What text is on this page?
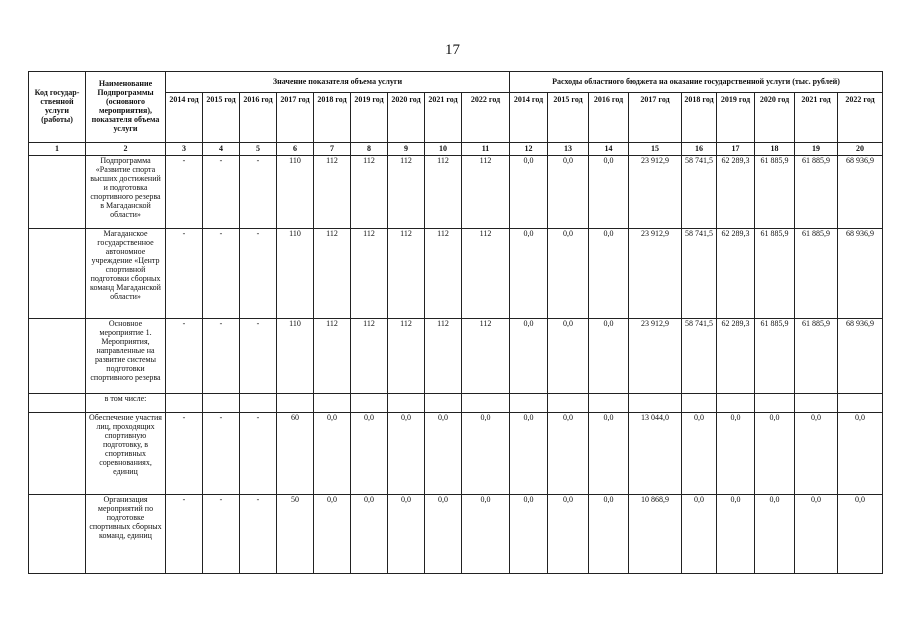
17
Код государ-ственной услуги (работы)	Наименование Подпрограммы (основного мероприятия), показателя объема услуги	Значение показателя объема услуги									Расходы областного бюджета на оказание государственной услуги (тыс. рублей)								
		2014 год	2015 год	2016 год	2017 год	2018 год	2019 год	2020 год	2021 год	2022 год	2014 год	2015 год	2016 год	2017 год	2018 год	2019 год	2020 год	2021 год	2022 год
1	2	3	4	5	6	7	8	9	10	11	12	13	14	15	16	17	18	19	20
	Подпрограмма «Развитие спорта высших достижений и подготовка спортивного резерва в Магаданской области»	-	-	-	110	112	112	112	112	112	0,0	0,0	0,0	23 912,9	58 741,5	62 289,3	61 885,9	61 885,9	68 936,9
	Магаданское государственное автономное учреждение «Центр спортивной подготовки сборных команд Магаданской области»	-	-	-	110	112	112	112	112	112	0,0	0,0	0,0	23 912,9	58 741,5	62 289,3	61 885,9	61 885,9	68 936,9
	Основное мероприятие 1. Мероприятия, направленные на развитие системы подготовки спортивного резерва	-	-	-	110	112	112	112	112	112	0,0	0,0	0,0	23 912,9	58 741,5	62 289,3	61 885,9	61 885,9	68 936,9
	в том числе:																		
	Обеспечение участия лиц, проходящих спортивную подготовку, в спортивных соревнованиях, единиц	-	-	-	60	0,0	0,0	0,0	0,0	0,0	0,0	0,0	0,0	13 044,0	0,0	0,0	0,0	0,0	0,0
	Организация мероприятий по подготовке спортивных сборных команд, единиц	-	-	-	50	0,0	0,0	0,0	0,0	0,0	0,0	0,0	0,0	10 868,9	0,0	0,0	0,0	0,0	0,0
